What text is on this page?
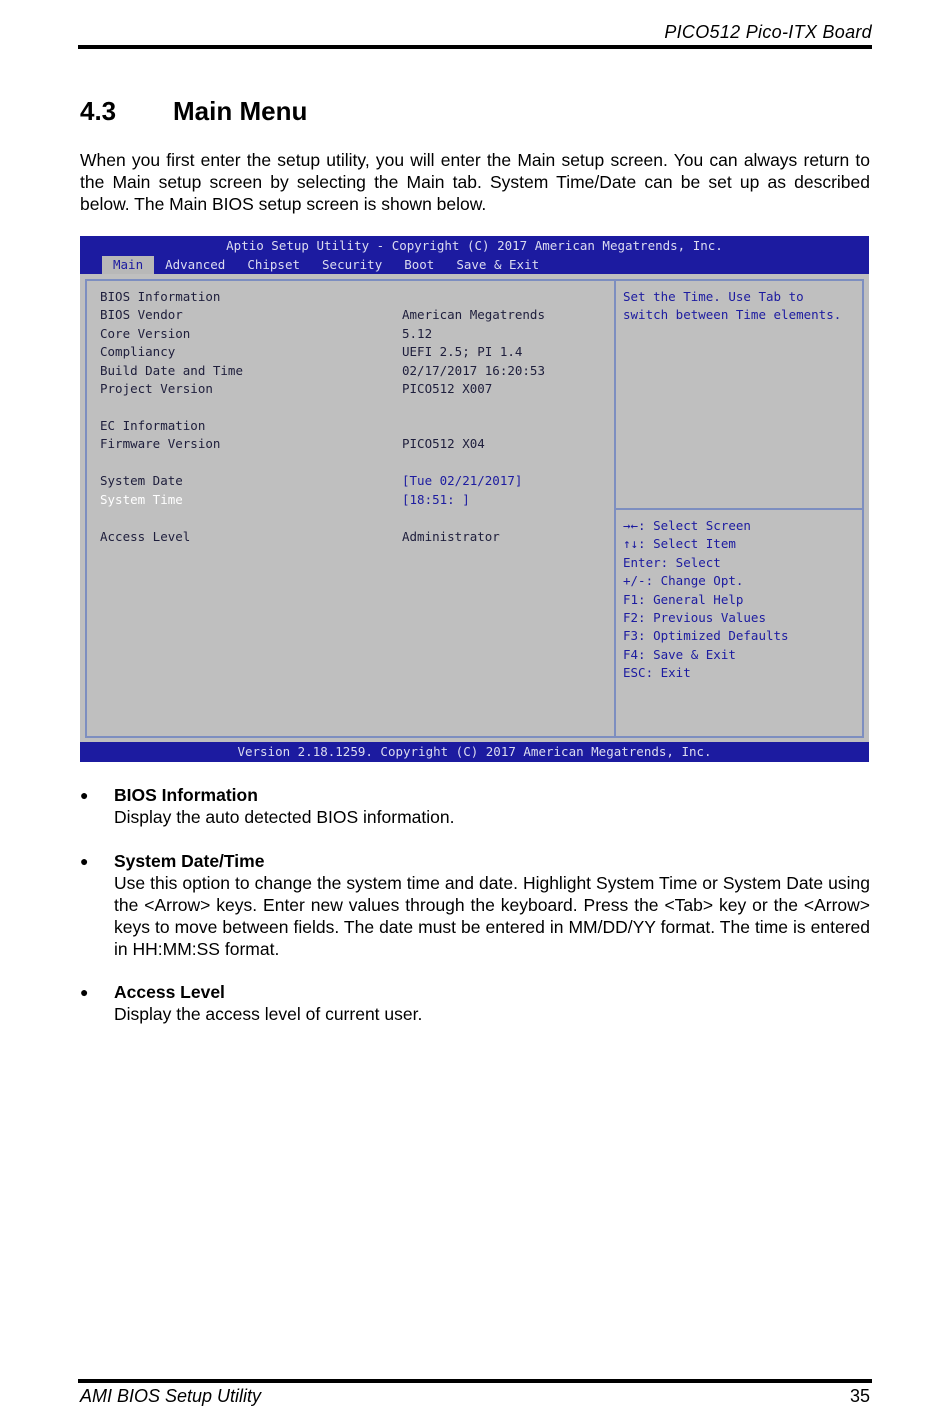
PICO512 Pico-ITX Board
4.3 Main Menu

When you first enter the setup utility, you will enter the Main setup screen. You can always return to the Main setup screen by selecting the Main tab. System Time/Date can be set up as described below. The Main BIOS setup screen is shown below.

Aptio Setup Utility - Copyright (C) 2017 American Megatrends, Inc.
Main	Advanced	Chipset	Security	Boot	Save & Exit
BIOS Information
BIOS Vendor	American Megatrends
Core Version	5.12
Compliancy	UEFI 2.5; PI 1.4
Build Date and Time	02/17/2017 16:20:53
Project Version	PICO512 X007
EC Information
Firmware Version	PICO512 X04
System Date	[Tue 02/21/2017]
System Time	[18:51: ]
Access Level	Administrator
Set the Time. Use Tab to
switch between Time elements.
→←: Select Screen
↑↓: Select Item
Enter: Select
+/-: Change Opt.
F1: General Help
F2: Previous Values
F3: Optimized Defaults
F4: Save & Exit
ESC: Exit
Version 2.18.1259. Copyright (C) 2017 American Megatrends, Inc.
● BIOS Information
Display the auto detected BIOS information.
● System Date/Time
Use this option to change the system time and date. Highlight System Time or System Date using the <Arrow> keys. Enter new values through the keyboard. Press the <Tab> key or the <Arrow> keys to move between fields. The date must be entered in MM/DD/YY format. The time is entered in HH:MM:SS format.
● Access Level
Display the access level of current user.
AMI BIOS Setup Utility	35
